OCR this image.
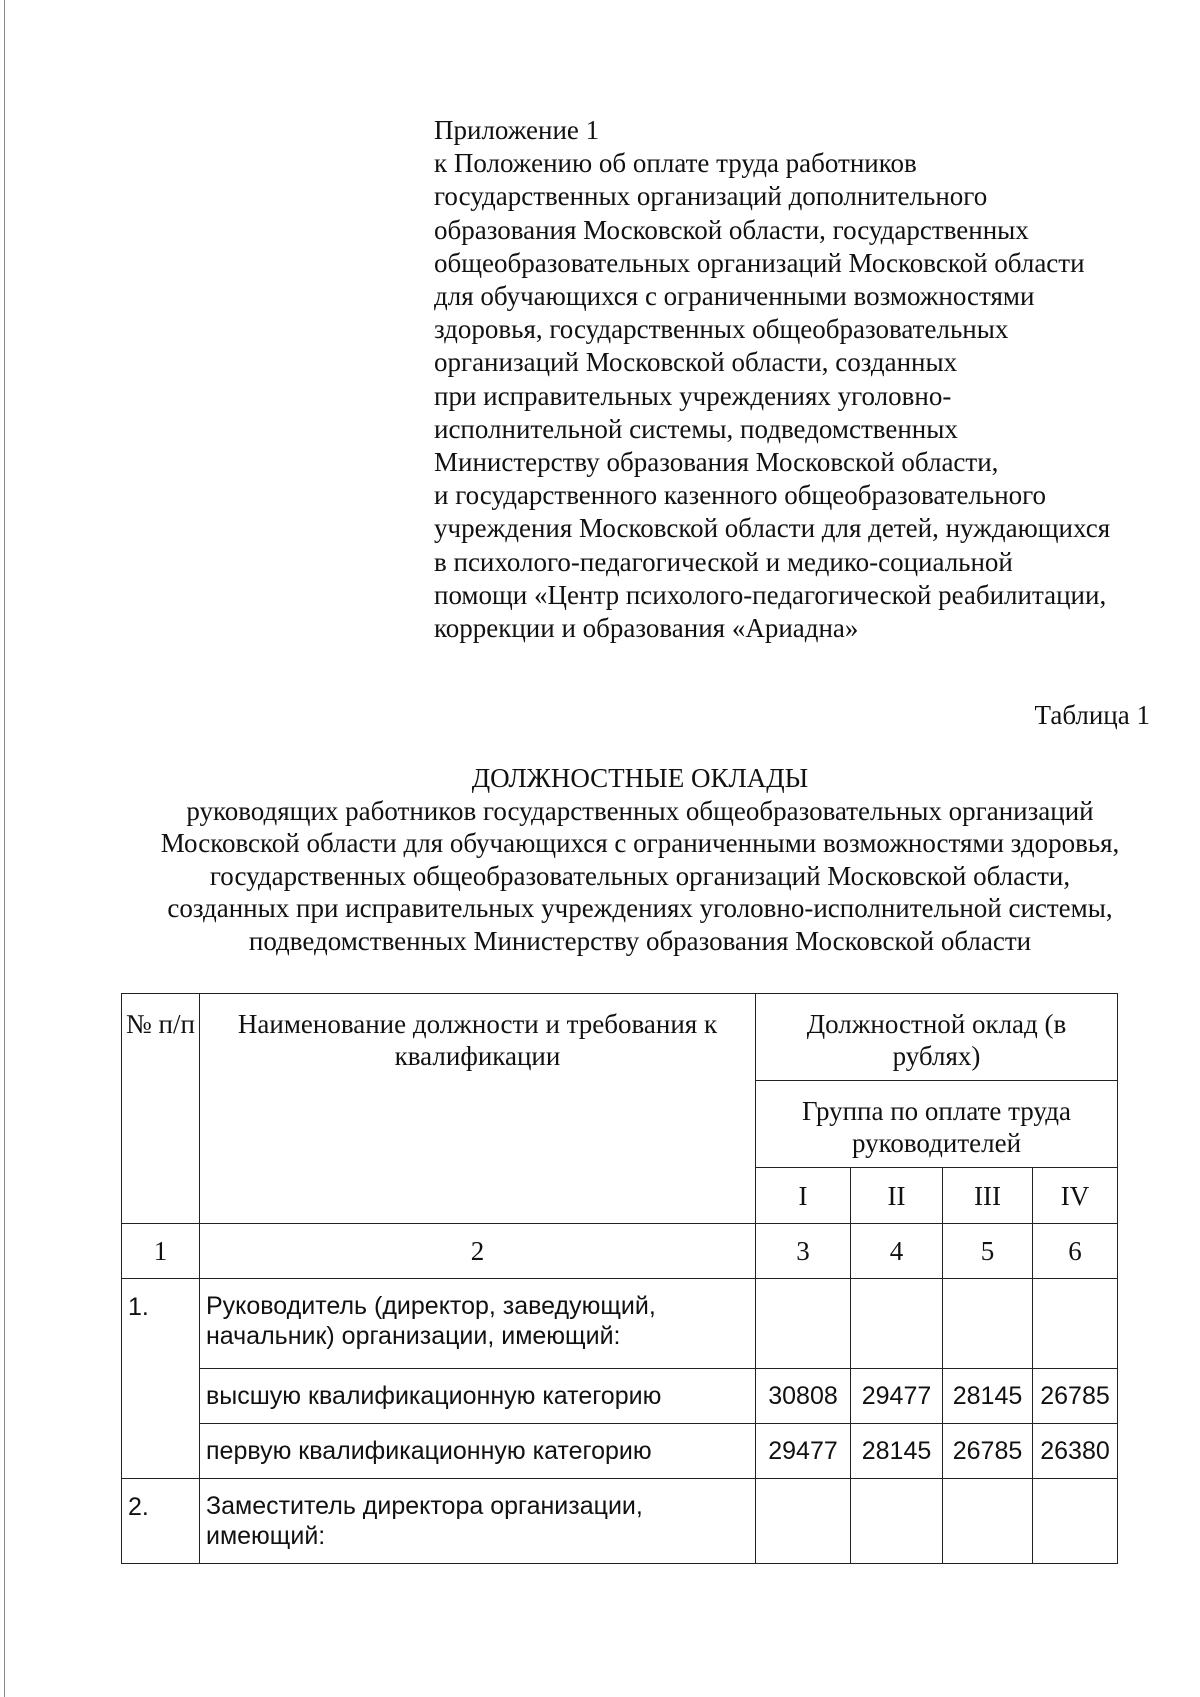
Приложение 1
к Положению об оплате труда работников
государственных организаций дополнительного
образования Московской области, государственных
общеобразовательных организаций Московской области
для обучающихся с ограниченными возможностями
здоровья, государственных общеобразовательных
организаций Московской области, созданных
при исправительных учреждениях уголовно-
исполнительной системы, подведомственных
Министерству образования Московской области,
и государственного казенного общеобразовательного
учреждения Московской области для детей, нуждающихся
в психолого-педагогической и медико-социальной
помощи «Центр психолого-педагогической реабилитации,
коррекции и образования «Ариадна»
Таблица 1
ДОЛЖНОСТНЫЕ ОКЛАДЫ
руководящих работников государственных общеобразовательных организаций
Московской области для обучающихся с ограниченными возможностями здоровья,
государственных общеобразовательных организаций Московской области,
созданных при исправительных учреждениях уголовно-исполнительной системы,
подведомственных Министерству образования Московской области
№ п/п	Наименование должности и требования к квалификации	Должностной оклад (в рублях)			
		Группа по оплате труда руководителей			
		I	II	III	IV
1	2	3	4	5	6
1.	Руководитель (директор, заведующий, начальник) организации, имеющий:				
	высшую квалификационную категорию	30808	29477	28145	26785
	первую квалификационную категорию	29477	28145	26785	26380
2.	Заместитель директора организации, имеющий:				
